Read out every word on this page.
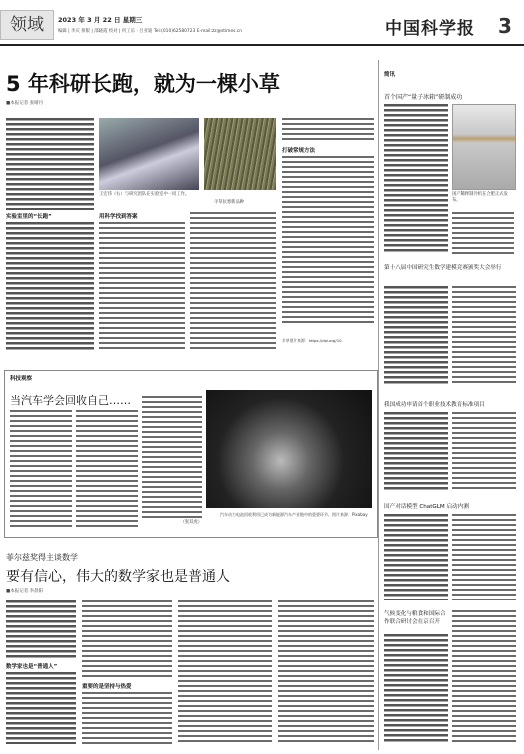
领域	2023 年 3 月 22 日 星期三
编辑 | 李庆 排版 | 邵晓霞 校对 | 何工乐 · 吕亚迪 Tel:(010)62580723 E-mail:zz@stimes.cn	中国科学报 3
5 年科研长跑，就为一棵小草
■本报记者 张晴丹
实验室里的“长跑”
王宏伟（右）与研究团队在实验室中一同工作。
羊草抗寒新品种
用科学找到答案
打破常规方法
羊草图片来源：https://doi.org/10.
科技观察
当汽车学会回收自己……
（张双虎）
汽车动力电池回收利用已成为新能源汽车产业链中的重要环节。图片来源：Pixabay
菲尔兹奖得主谈数学
要有信心，伟大的数学家也是普通人
■本报记者 李晨阳
数学家也是“普通人”
重要的是坚持与热爱
简讯
首个国产“量子冰箱”研制成功
国产稀释制冷机在合肥正式发布。
第十八届中国研究生数学建模竞赛颁奖大会举行
我国成功申请首个职业技术教育标准项目
国产对话模型 ChatGLM 启动内测
气候变化与粮食和国际合作联合研讨会在京召开
